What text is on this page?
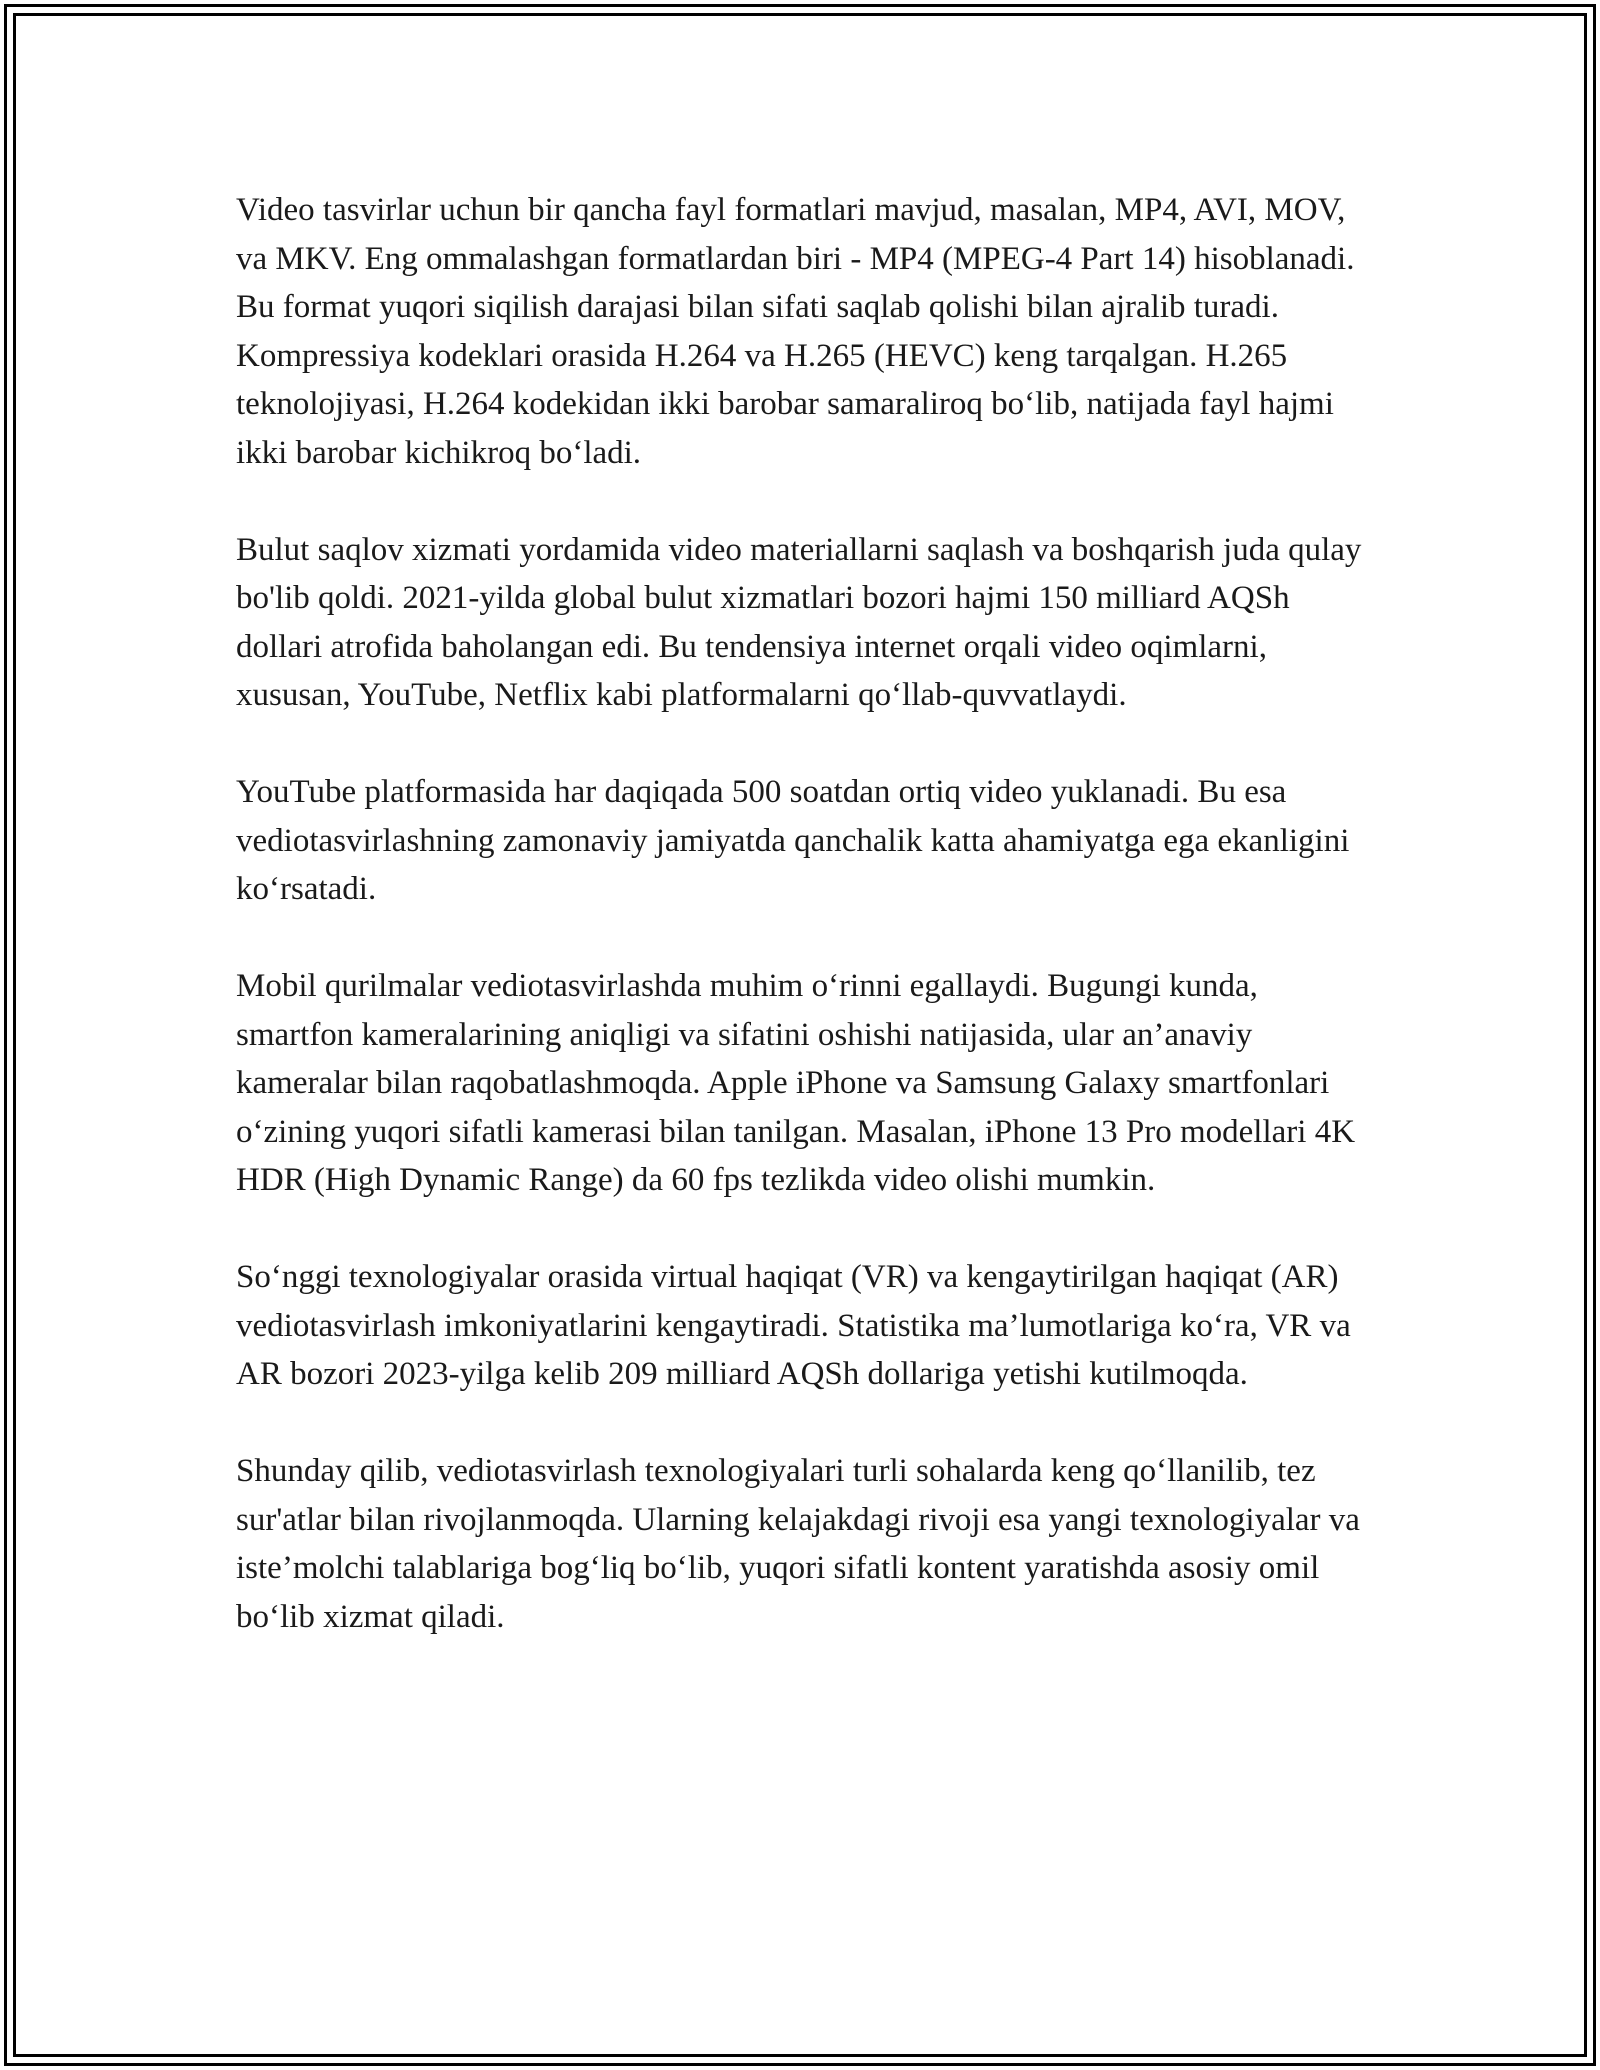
Video tasvirlar uchun bir qancha fayl formatlari mavjud, masalan, MP4, AVI, MOV, va MKV. Eng ommalashgan formatlardan biri - MP4 (MPEG-4 Part 14) hisoblanadi. Bu format yuqori siqilish darajasi bilan sifati saqlab qolishi bilan ajralib turadi. Kompressiya kodeklari orasida H.264 va H.265 (HEVC) keng tarqalgan. H.265 teknolojiyasi, H.264 kodekidan ikki barobar samaraliroq bo‘lib, natijada fayl hajmi ikki barobar kichikroq bo‘ladi.

Bulut saqlov xizmati yordamida video materiallarni saqlash va boshqarish juda qulay bo'lib qoldi. 2021-yilda global bulut xizmatlari bozori hajmi 150 milliard AQSh dollari atrofida baholangan edi. Bu tendensiya internet orqali video oqimlarni, xususan, YouTube, Netflix kabi platformalarni qo‘llab-quvvatlaydi.

YouTube platformasida har daqiqada 500 soatdan ortiq video yuklanadi. Bu esa vediotasvirlashning zamonaviy jamiyatda qanchalik katta ahamiyatga ega ekanligini ko‘rsatadi.

Mobil qurilmalar vediotasvirlashda muhim o‘rinni egallaydi. Bugungi kunda, smartfon kameralarining aniqligi va sifatini oshishi natijasida, ular an’anaviy kameralar bilan raqobatlashmoqda. Apple iPhone va Samsung Galaxy smartfonlari o‘zining yuqori sifatli kamerasi bilan tanilgan. Masalan, iPhone 13 Pro modellari 4K HDR (High Dynamic Range) da 60 fps tezlikda video olishi mumkin.

So‘nggi texnologiyalar orasida virtual haqiqat (VR) va kengaytirilgan haqiqat (AR) vediotasvirlash imkoniyatlarini kengaytiradi. Statistika ma’lumotlariga ko‘ra, VR va AR bozori 2023-yilga kelib 209 milliard AQSh dollariga yetishi kutilmoqda.

Shunday qilib, vediotasvirlash texnologiyalari turli sohalarda keng qo‘llanilib, tez sur'atlar bilan rivojlanmoqda. Ularning kelajakdagi rivoji esa yangi texnologiyalar va iste’molchi talablariga bog‘liq bo‘lib, yuqori sifatli kontent yaratishda asosiy omil bo‘lib xizmat qiladi.
